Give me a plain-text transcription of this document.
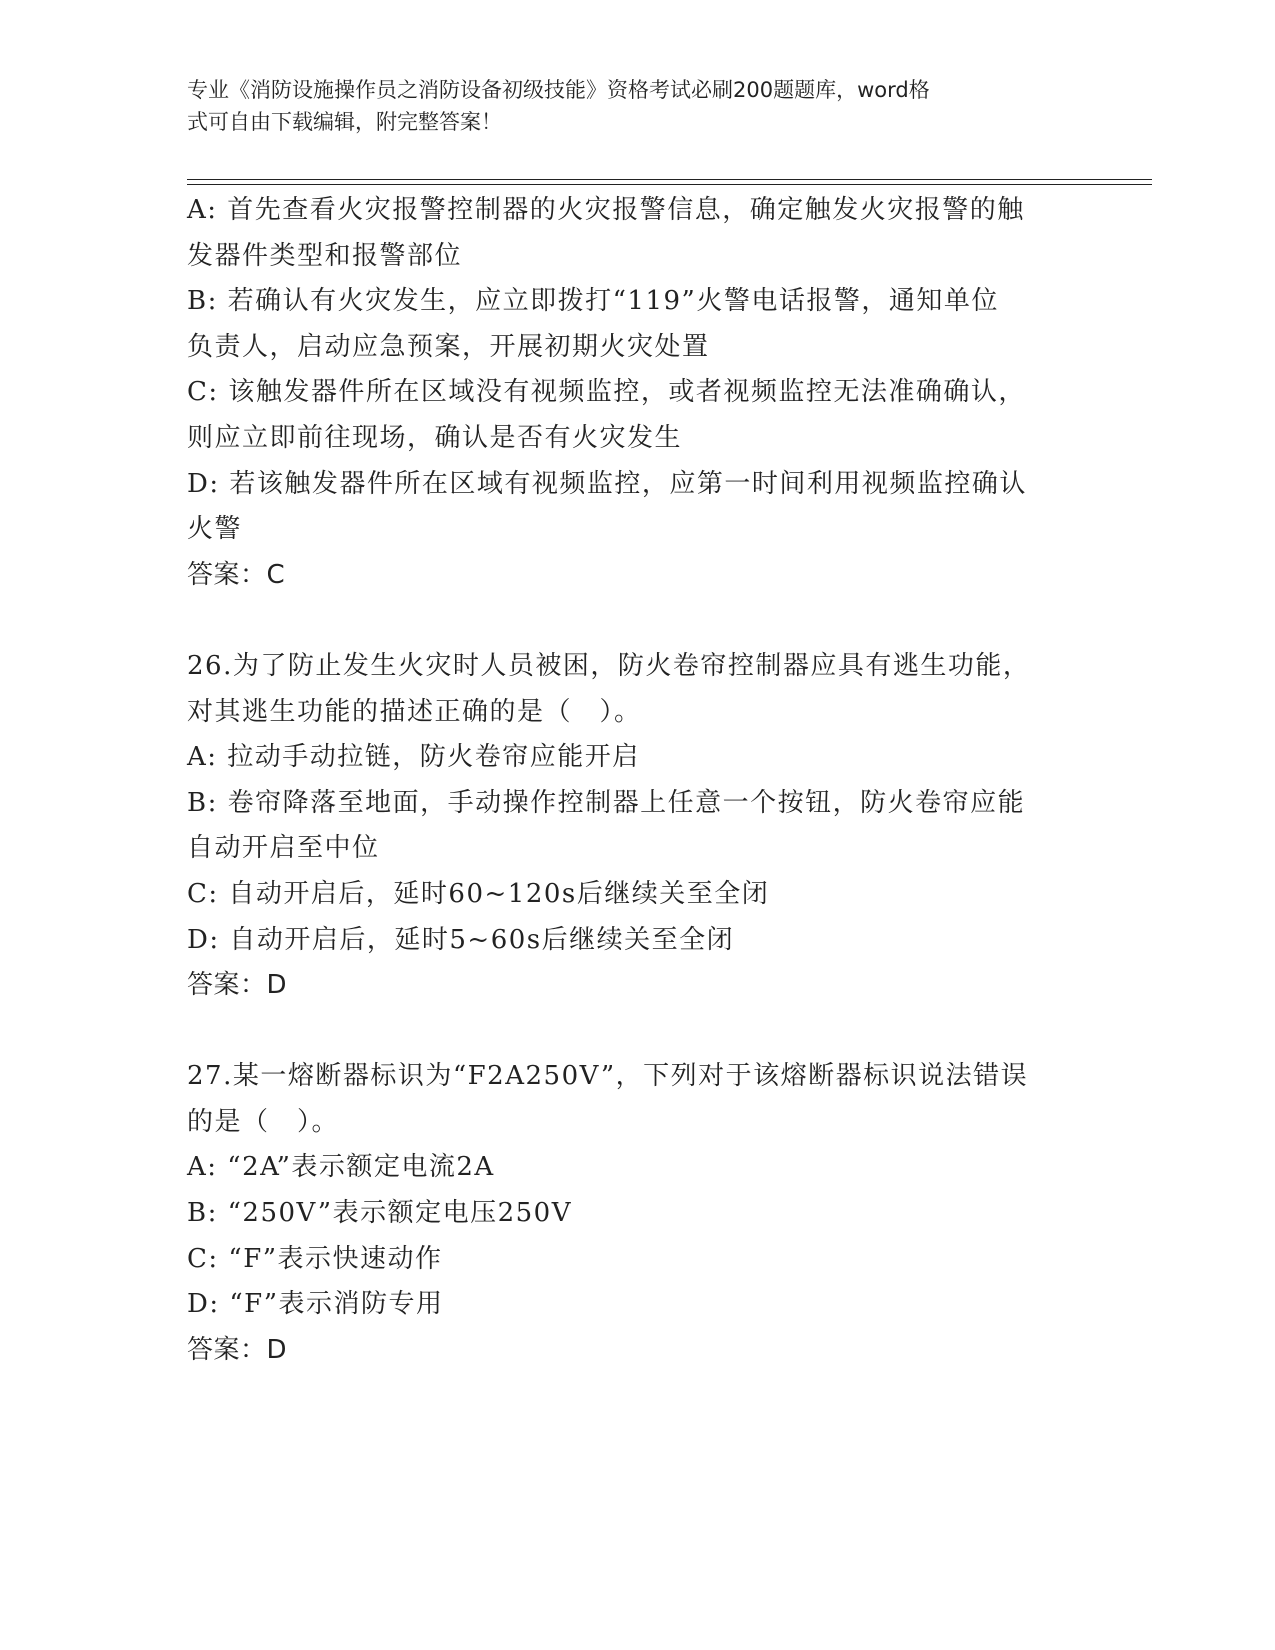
专业《消防设施操作员之消防设备初级技能》资格考试必刷200题题库，word格
式可自由下载编辑，附完整答案！
A: 首先查看火灾报警控制器的火灾报警信息，确定触发火灾报警的触
发器件类型和报警部位
B: 若确认有火灾发生，应立即拨打“119”火警电话报警，通知单位
负责人，启动应急预案，开展初期火灾处置
C: 该触发器件所在区域没有视频监控，或者视频监控无法准确确认，
则应立即前往现场，确认是否有火灾发生
D: 若该触发器件所在区域有视频监控，应第一时间利用视频监控确认
火警
答案：C
26.为了防止发生火灾时人员被困，防火卷帘控制器应具有逃生功能，
对其逃生功能的描述正确的是（　）。
A: 拉动手动拉链，防火卷帘应能开启
B: 卷帘降落至地面，手动操作控制器上任意一个按钮，防火卷帘应能
自动开启至中位
C: 自动开启后，延时60~120s后继续关至全闭
D: 自动开启后，延时5~60s后继续关至全闭
答案：D
27.某一熔断器标识为“F2A250V”，下列对于该熔断器标识说法错误
的是（　）。
A: “2A”表示额定电流2A
B: “250V”表示额定电压250V
C: “F”表示快速动作
D: “F”表示消防专用
答案：D
